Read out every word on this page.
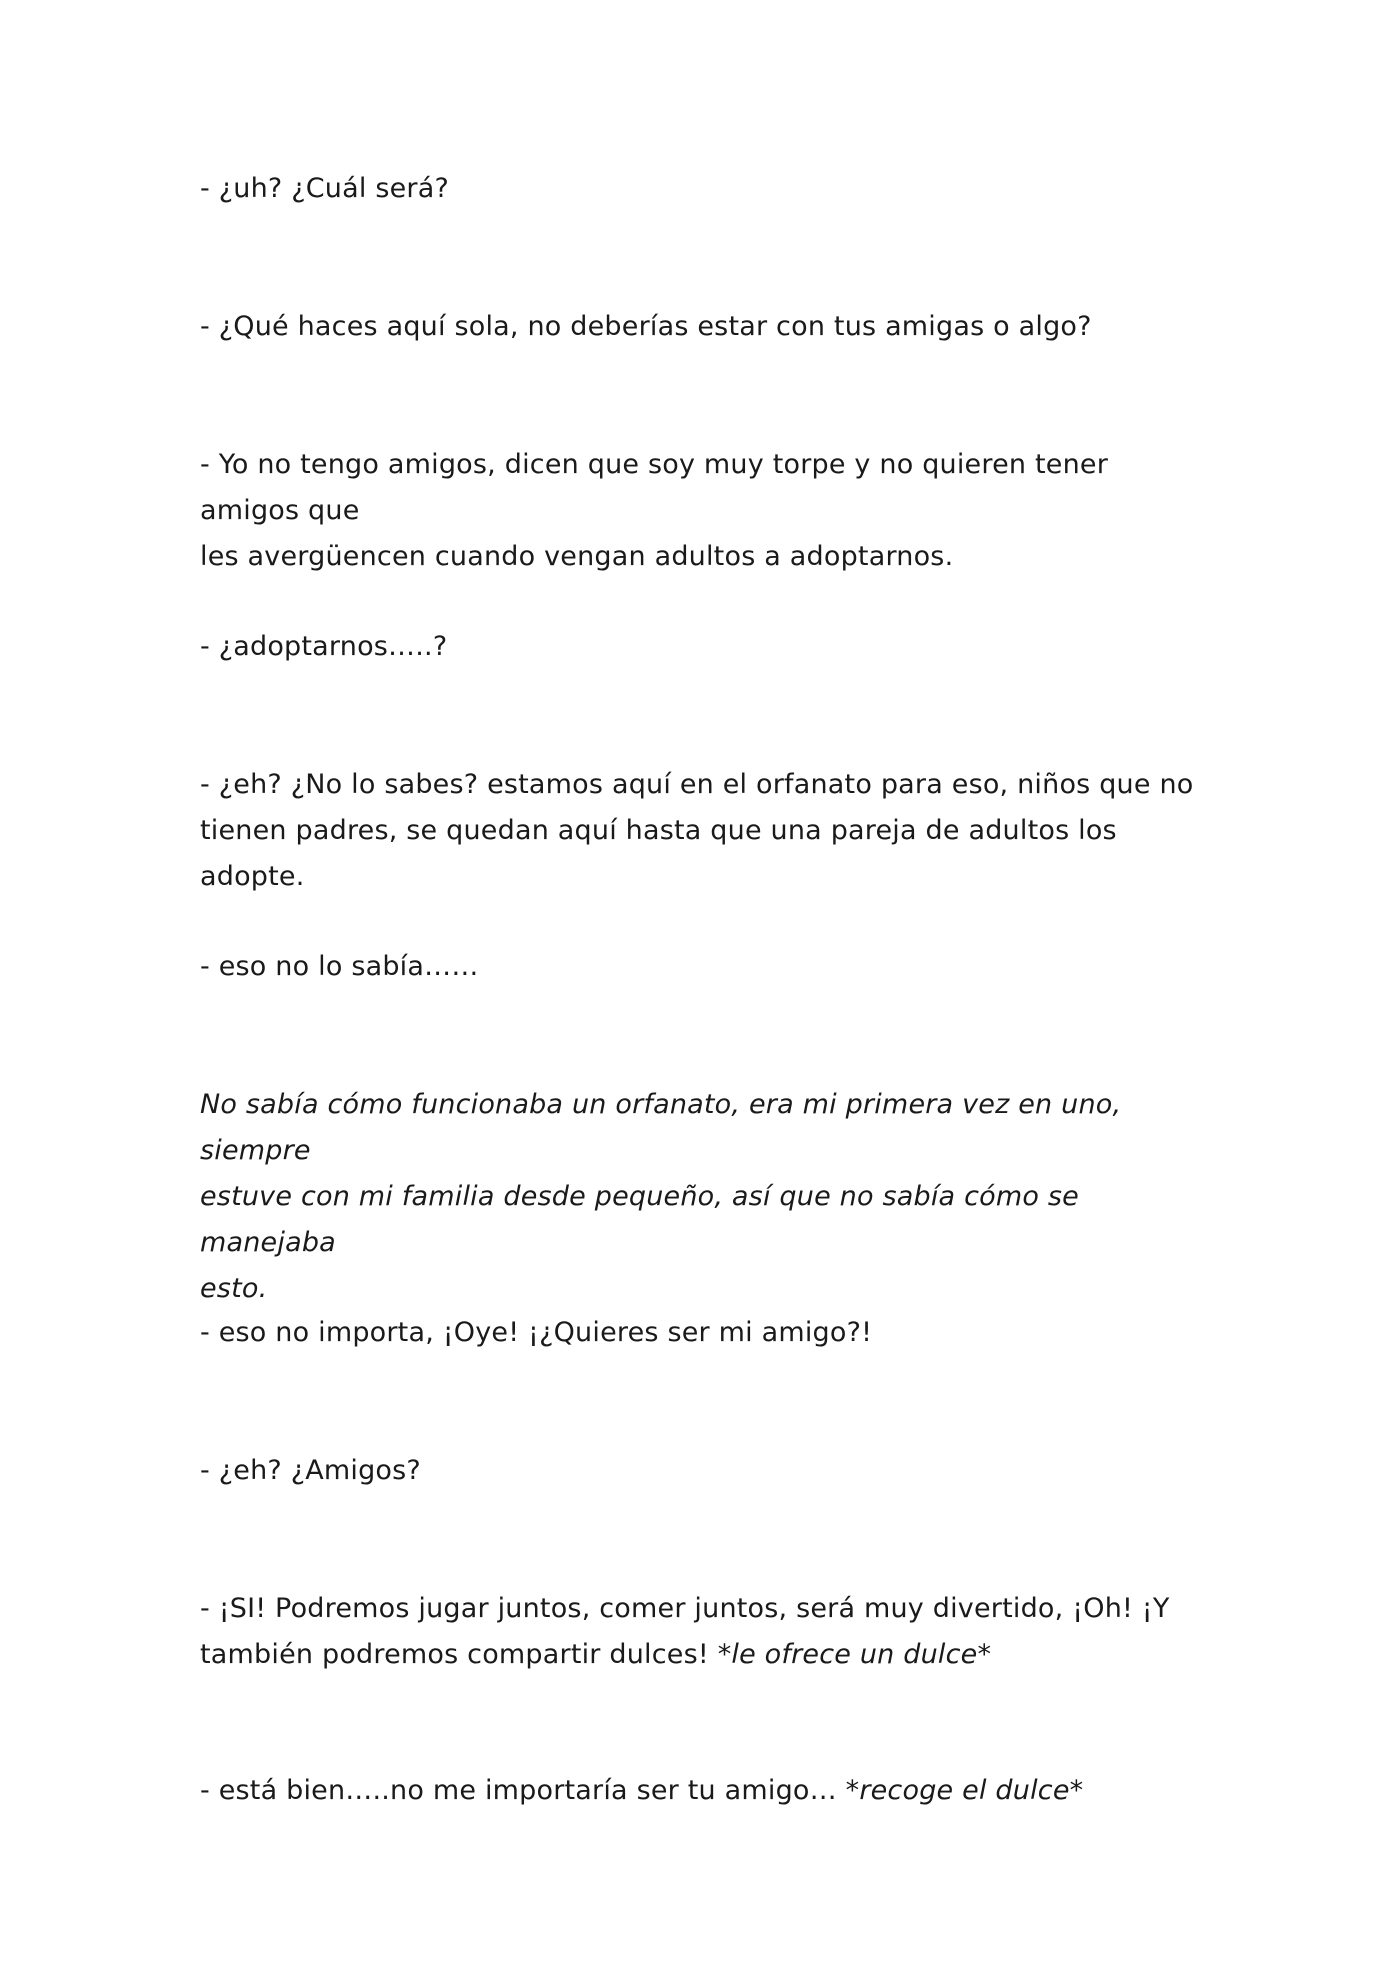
- ¿uh? ¿Cuál será?

- ¿Qué haces aquí sola, no deberías estar con tus amigas o algo?

- Yo no tengo amigos, dicen que soy muy torpe y no quieren tener amigos que
les avergüencen cuando vengan adultos a adoptarnos.

- ¿adoptarnos…..?

- ¿eh? ¿No lo sabes? estamos aquí en el orfanato para eso, niños que no
tienen padres, se quedan aquí hasta que una pareja de adultos los adopte.

- eso no lo sabía……

No sabía cómo funcionaba un orfanato, era mi primera vez en uno, siempre
estuve con mi familia desde pequeño, así que no sabía cómo se manejaba
esto.

- eso no importa, ¡Oye! ¡¿Quieres ser mi amigo?!

- ¿eh? ¿Amigos?

- ¡SI! Podremos jugar juntos, comer juntos, será muy divertido, ¡Oh! ¡Y
también podremos compartir dulces! *le ofrece un dulce*

- está bien…..no me importaría ser tu amigo… *recoge el dulce*
